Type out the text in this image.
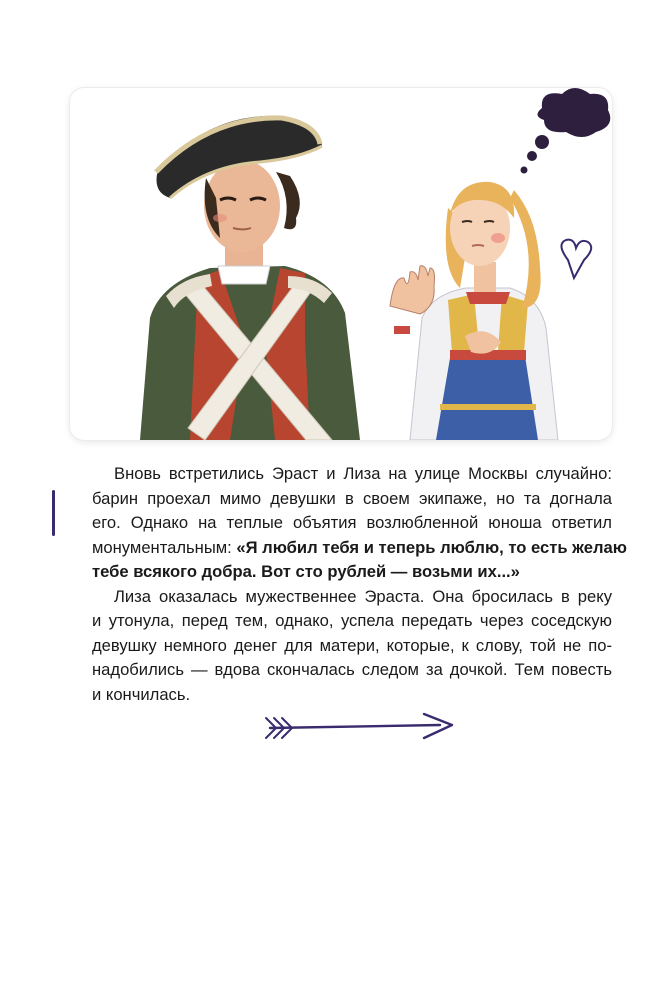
Вновь встретились Эраст и Лиза на улице Москвы случайно:
барин проехал мимо девушки в своем экипаже, но та догнала
его. Однако на теплые объятия возлюбленной юноша ответил
монументальным: «Я любил тебя и теперь люблю, то есть желаю
тебе всякого добра. Вот сто рублей — возьми их...»

Лиза оказалась мужественнее Эраста. Она бросилась в реку
и утонула, перед тем, однако, успела передать через соседскую
девушку немного денег для матери, которые, к слову, той не по-
надобились — вдова скончалась следом за дочкой. Тем повесть
и кончилась.
